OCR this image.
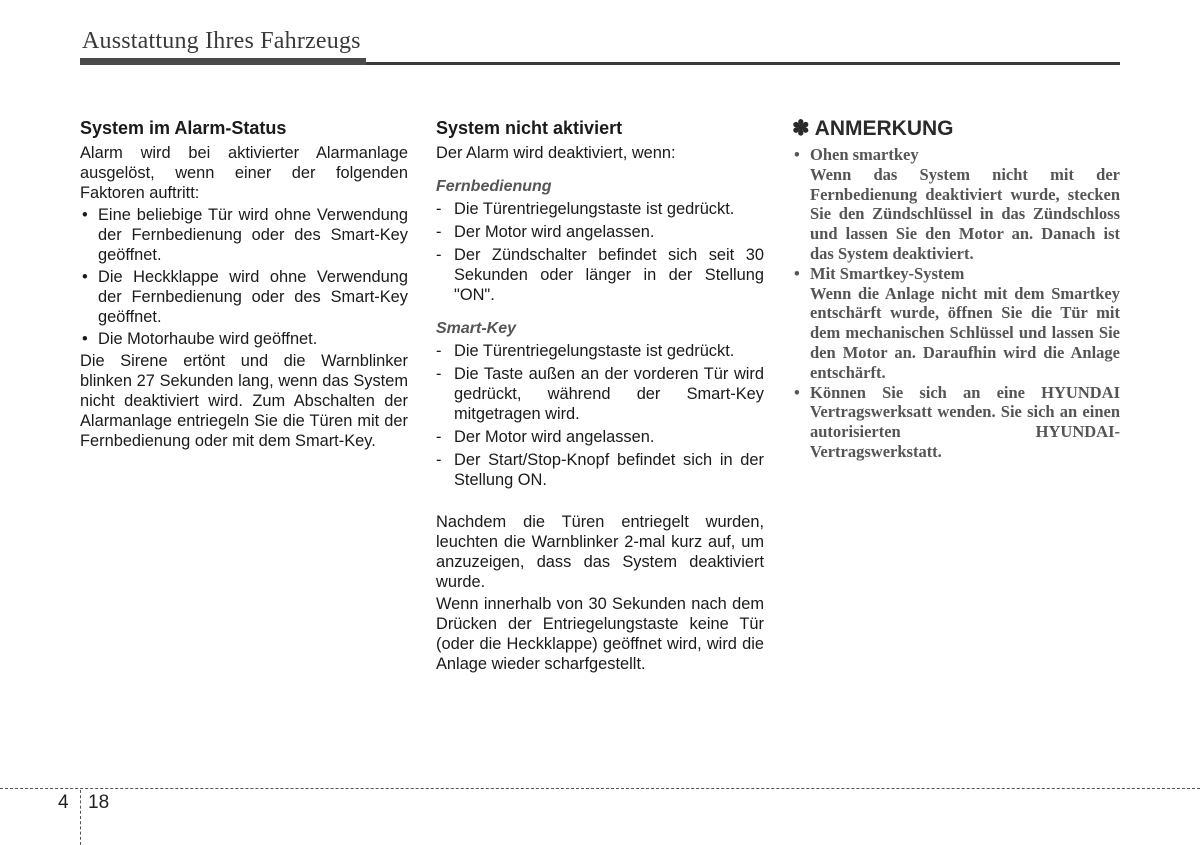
Ausstattung Ihres Fahrzeugs
System im Alarm-Status

Alarm wird bei aktivierter Alarmanlage ausgelöst, wenn einer der folgenden Faktoren auftritt:

• Eine beliebige Tür wird ohne Verwendung der Fernbedienung oder des Smart-Key geöffnet.
• Die Heckklappe wird ohne Verwendung der Fernbedienung oder des Smart-Key geöffnet.
• Die Motorhaube wird geöffnet.

Die Sirene ertönt und die Warnblinker blinken 27 Sekunden lang, wenn das System nicht deaktiviert wird. Zum Abschalten der Alarmanlage entriegeln Sie die Türen mit der Fernbedienung oder mit dem Smart-Key.

System nicht aktiviert

Der Alarm wird deaktiviert, wenn:

Fernbedienung

- Die Türentriegelungstaste ist gedrückt.
- Der Motor wird angelassen.
- Der Zündschalter befindet sich seit 30 Sekunden oder länger in der Stellung "ON".

Smart-Key

- Die Türentriegelungstaste ist gedrückt.
- Die Taste außen an der vorderen Tür wird gedrückt, während der Smart-Key mitgetragen wird.
- Der Motor wird angelassen.
- Der Start/Stop-Knopf befindet sich in der Stellung ON.

Nachdem die Türen entriegelt wurden, leuchten die Warnblinker 2-mal kurz auf, um anzuzeigen, dass das System deaktiviert wurde.

Wenn innerhalb von 30 Sekunden nach dem Drücken der Entriegelungstaste keine Tür (oder die Heckklappe) geöffnet wird, wird die Anlage wieder scharfgestellt.

✽ ANMERKUNG
• Ohen smartkey
Wenn das System nicht mit der Fernbedienung deaktiviert wurde, stecken Sie den Zündschlüssel in das Zündschloss und lassen Sie den Motor an. Danach ist das System deaktiviert.
• Mit Smartkey-System
Wenn die Anlage nicht mit dem Smartkey entschärft wurde, öffnen Sie die Tür mit dem mechanischen Schlüssel und lassen Sie den Motor an. Daraufhin wird die Anlage entschärft.
• Können Sie sich an eine HYUNDAI Vertragswerksatt wenden. Sie sich an einen autorisierten HYUNDAI-Vertragswerkstatt.
4 18
